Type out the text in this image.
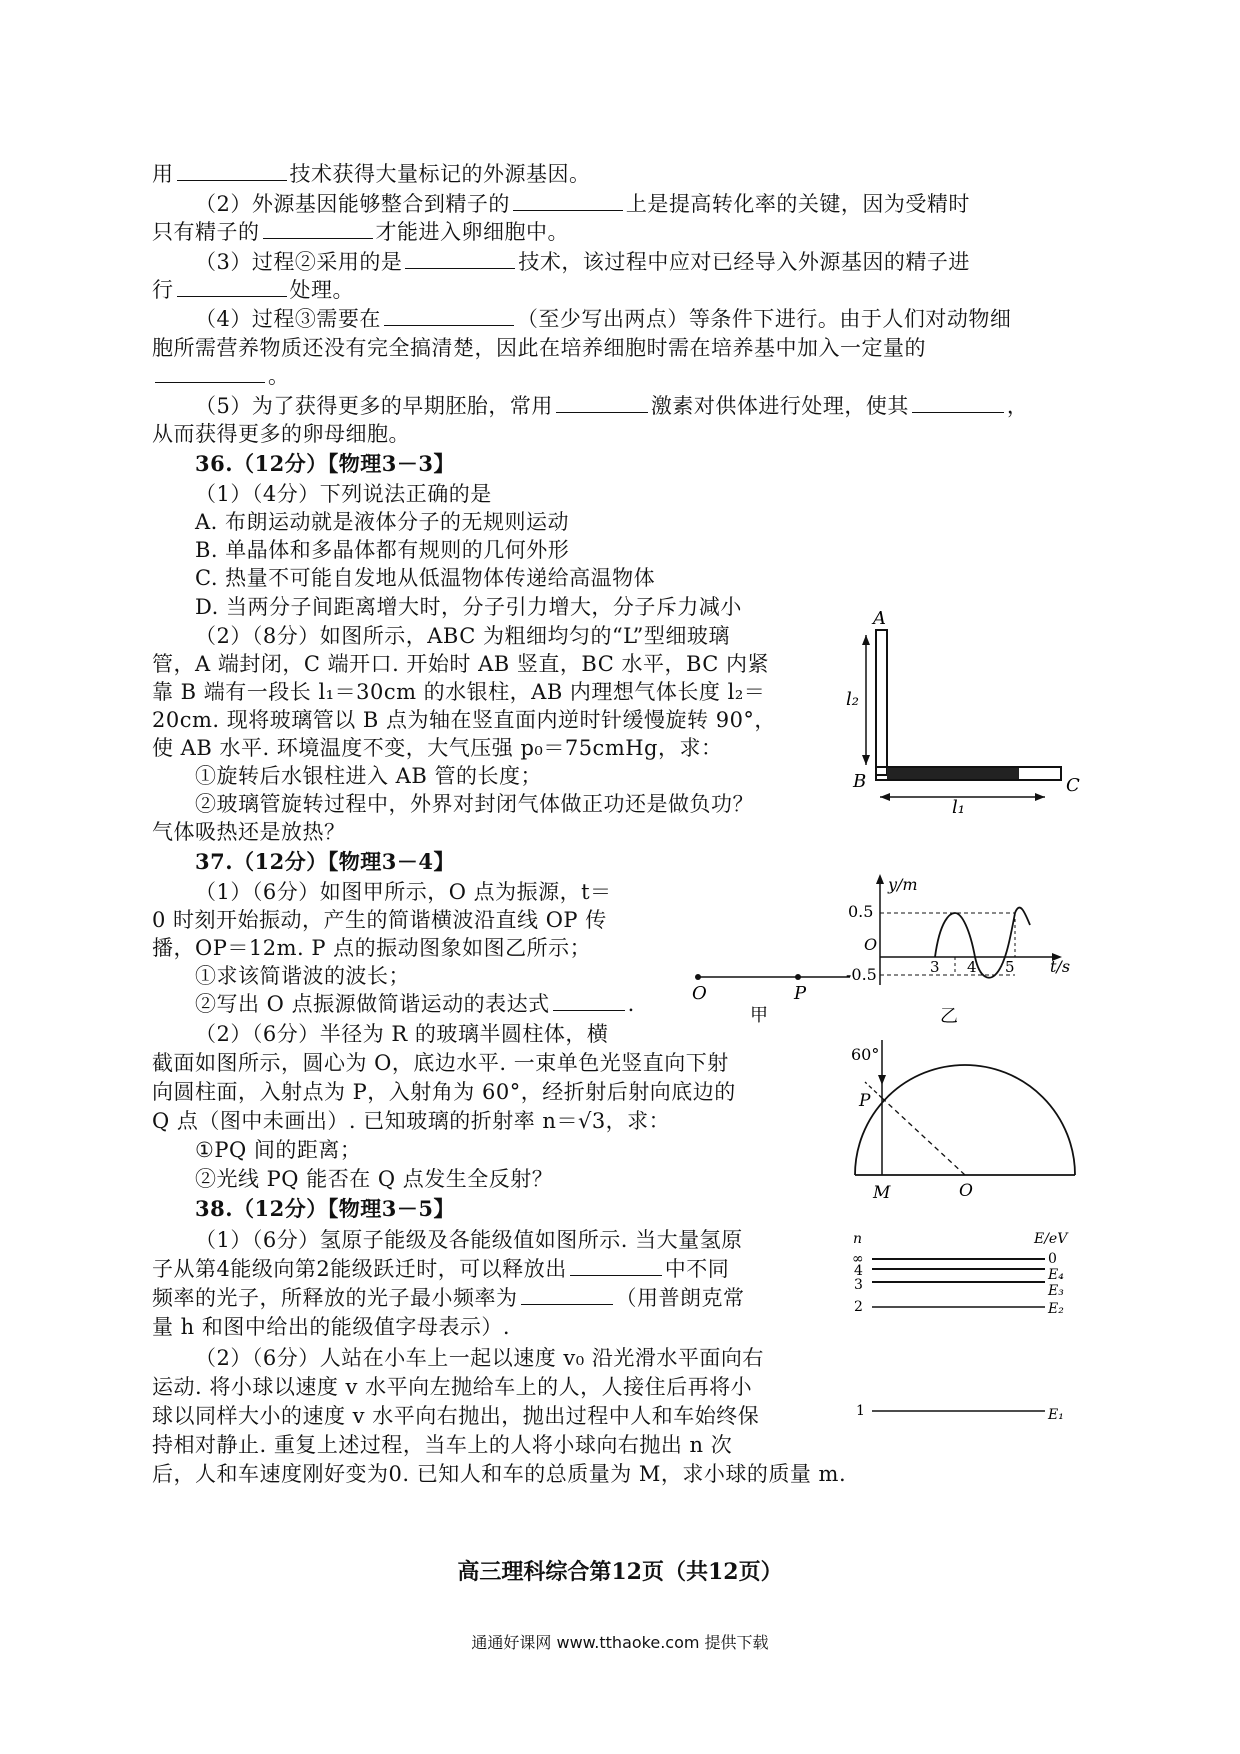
用	技术获得大量标记的外源基因。
（2）外源基因能够整合到精子的	上是提高转化率的关键，因为受精时
只有精子的	才能进入卵细胞中。
（3）过程②采用的是	技术，该过程中应对已经导入外源基因的精子进
行	处理。
（4）过程③需要在	（至少写出两点）等条件下进行。由于人们对动物细
胞所需营养物质还没有完全搞清楚，因此在培养细胞时需在培养基中加入一定量的
。
（5）为了获得更多的早期胚胎，常用	激素对供体进行处理，使其	，
从而获得更多的卵母细胞。
36.（12分）【物理3－3】
（1）（4分）下列说法正确的是
A. 布朗运动就是液体分子的无规则运动
B. 单晶体和多晶体都有规则的几何外形
C. 热量不可能自发地从低温物体传递给高温物体
D. 当两分子间距离增大时，分子引力增大，分子斥力减小
（2）（8分）如图所示，ABC 为粗细均匀的“L”型细玻璃
管，A 端封闭，C 端开口. 开始时 AB 竖直，BC 水平，BC 内紧
靠 B 端有一段长 l₁＝30cm 的水银柱，AB 内理想气体长度 l₂＝
20cm. 现将玻璃管以 B 点为轴在竖直面内逆时针缓慢旋转 90°，
使 AB 水平. 环境温度不变，大气压强 p₀＝75cmHg，求：
①旋转后水银柱进入 AB 管的长度；
②玻璃管旋转过程中，外界对封闭气体做正功还是做负功？
气体吸热还是放热？
A
l₂
B	C
l₁
37.（12分）【物理3－4】
（1）（6分）如图甲所示，O 点为振源，t＝
0 时刻开始振动，产生的简谐横波沿直线 OP 传
播，OP＝12m. P 点的振动图象如图乙所示；
①求该简谐波的波长；
②写出 O 点振源做简谐运动的表达式	.
（2）（6分）半径为 R 的玻璃半圆柱体，横
截面如图所示，圆心为 O，底边水平. 一束单色光竖直向下射
向圆柱面，入射点为 P，入射角为 60°，经折射后射向底边的
Q 点（图中未画出）. 已知玻璃的折射率 n＝√3，求：
①PQ 间的距离；
②光线 PQ 能否在 Q 点发生全反射？
O	P
甲
y/m
t/s
0.5
-0.5
O
3 4 5
乙
60°
P
M	O
38.（12分）【物理3－5】
（1）（6分）氢原子能级及各能级值如图所示. 当大量氢原
子从第4能级向第2能级跃迁时，可以释放出	中不同
频率的光子，所释放的光子最小频率为	（用普朗克常
量 h 和图中给出的能级值字母表示）.
（2）（6分）人站在小车上一起以速度 v₀ 沿光滑水平面向右
运动. 将小球以速度 v 水平向左抛给车上的人，人接住后再将小
球以同样大小的速度 v 水平向右抛出，抛出过程中人和车始终保
持相对静止. 重复上述过程，当车上的人将小球向右抛出 n 次
后，人和车速度刚好变为0. 已知人和车的总质量为 M，求小球的质量 m.
n	E/eV
∞	0
4	E₄
3	E₃
2	E₂
1	E₁
高三理科综合第12页（共12页）
通通好课网 www.tthaoke.com 提供下载
